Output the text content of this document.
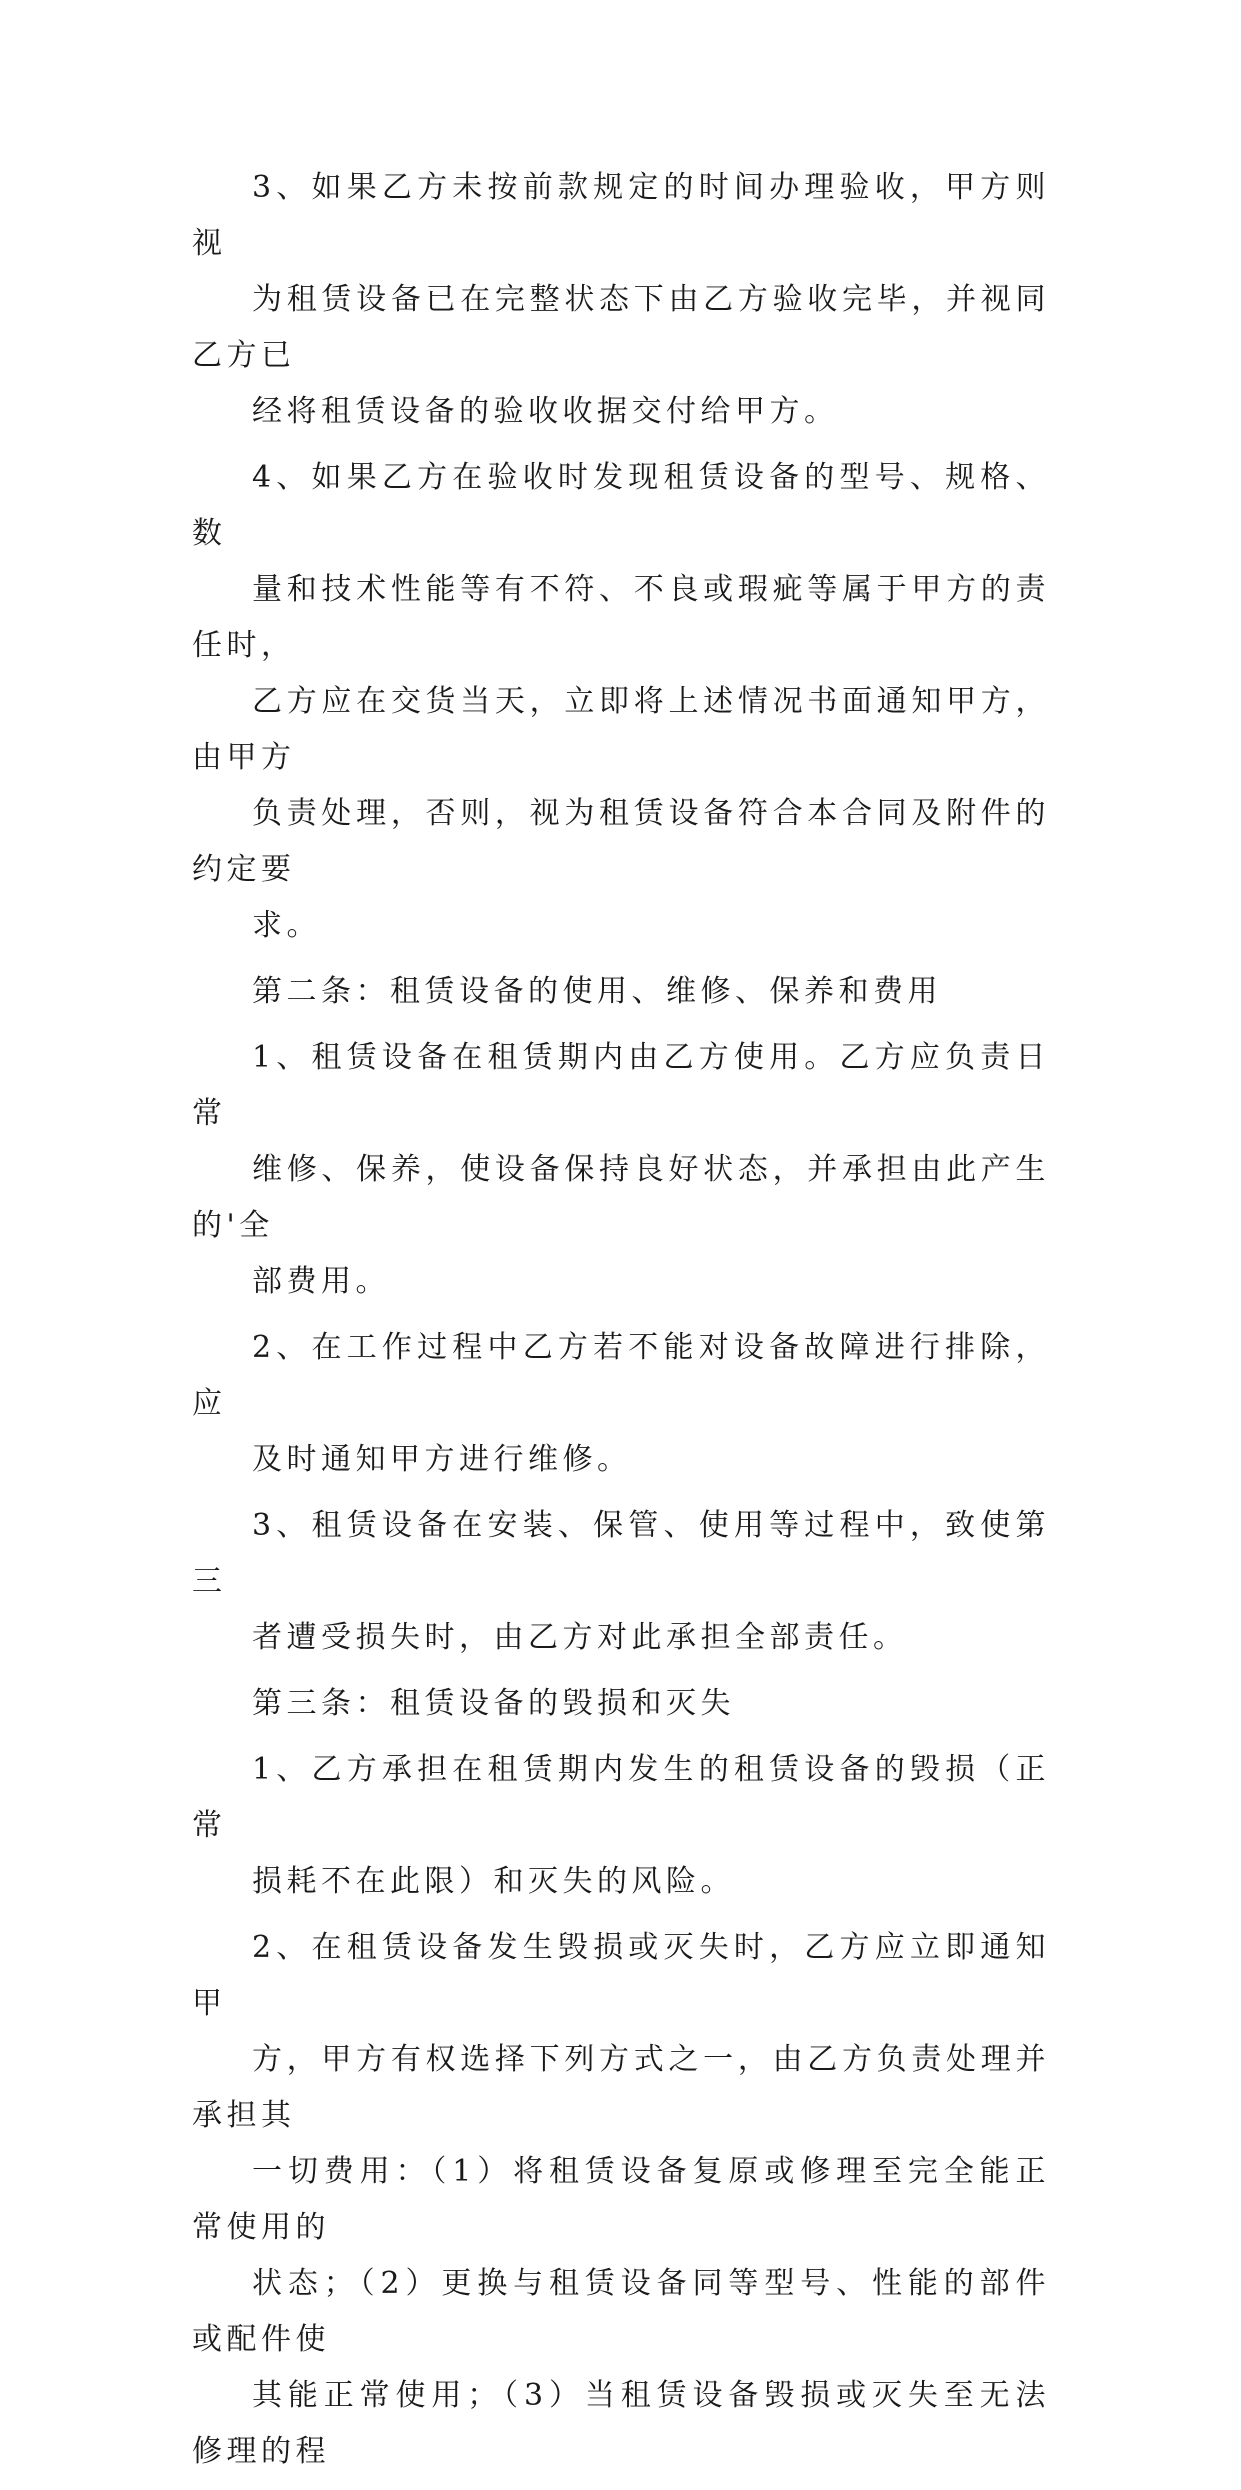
3、如果乙方未按前款规定的时间办理验收，甲方则视
为租赁设备已在完整状态下由乙方验收完毕，并视同乙方已
经将租赁设备的验收收据交付给甲方。

4、如果乙方在验收时发现租赁设备的型号、规格、数
量和技术性能等有不符、不良或瑕疵等属于甲方的责任时，
乙方应在交货当天，立即将上述情况书面通知甲方，由甲方
负责处理，否则，视为租赁设备符合本合同及附件的约定要
求。

第二条：租赁设备的使用、维修、保养和费用

1、租赁设备在租赁期内由乙方使用。乙方应负责日常
维修、保养，使设备保持良好状态，并承担由此产生的'全
部费用。

2、在工作过程中乙方若不能对设备故障进行排除，应
及时通知甲方进行维修。

3、租赁设备在安装、保管、使用等过程中，致使第三
者遭受损失时，由乙方对此承担全部责任。

第三条：租赁设备的毁损和灭失

1、乙方承担在租赁期内发生的租赁设备的毁损（正常
损耗不在此限）和灭失的风险。

2、在租赁设备发生毁损或灭失时，乙方应立即通知甲
方，甲方有权选择下列方式之一，由乙方负责处理并承担其
一切费用：（1）将租赁设备复原或修理至完全能正常使用的
状态；（2）更换与租赁设备同等型号、性能的部件或配件使
其能正常使用；（3）当租赁设备毁损或灭失至无法修理的程
